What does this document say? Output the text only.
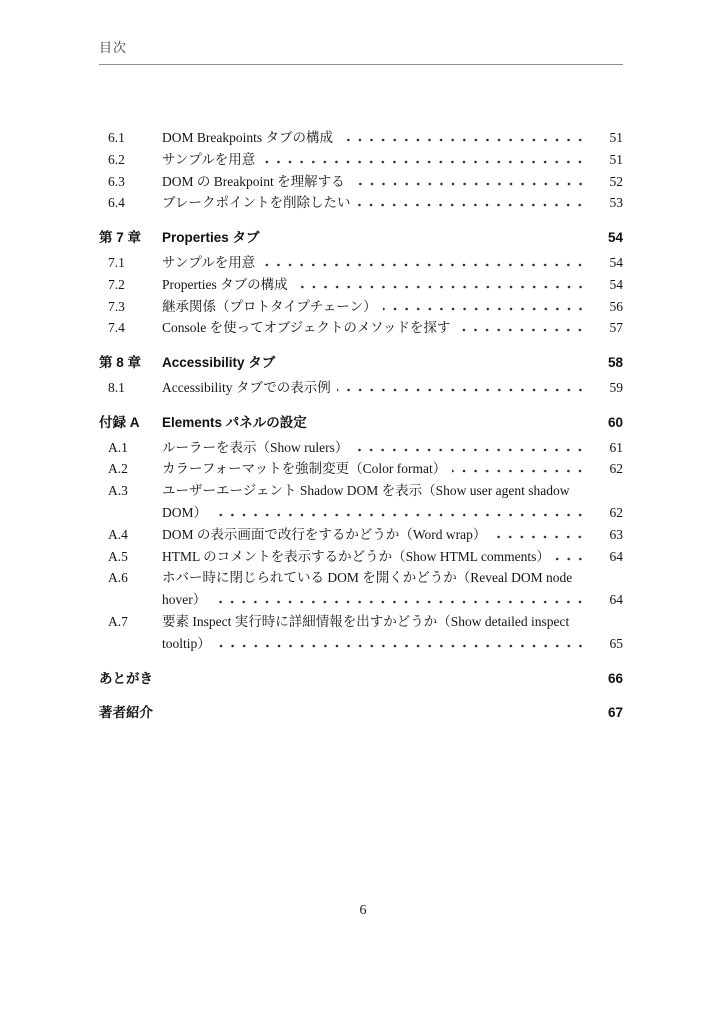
目次
6.1	DOM Breakpoints タブの構成	51
6.2	サンプルを用意	51
6.3	DOM の Breakpoint を理解する	52
6.4	ブレークポイントを削除したい	53
第 7 章	Properties タブ	54
7.1	サンプルを用意	54
7.2	Properties タブの構成	54
7.3	継承関係（プロトタイプチェーン）	56
7.4	Console を使ってオブジェクトのメソッドを探す	57
第 8 章	Accessibility タブ	58
8.1	Accessibility タブでの表示例	59
付録 A	Elements パネルの設定	60
A.1	ルーラーを表示（Show rulers）	61
A.2	カラーフォーマットを強制変更（Color format）	62
A.3	ユーザーエージェント Shadow DOM を表示（Show user agent shadow
DOM）	62
A.4	DOM の表示画面で改行をするかどうか（Word wrap）	63
A.5	HTML のコメントを表示するかどうか（Show HTML comments）	64
A.6	ホバー時に閉じられている DOM を開くかどうか（Reveal DOM node
hover）	64
A.7	要素 Inspect 実行時に詳細情報を出すかどうか（Show detailed inspect
tooltip）	65
あとがき	66
著者紹介	67
6
